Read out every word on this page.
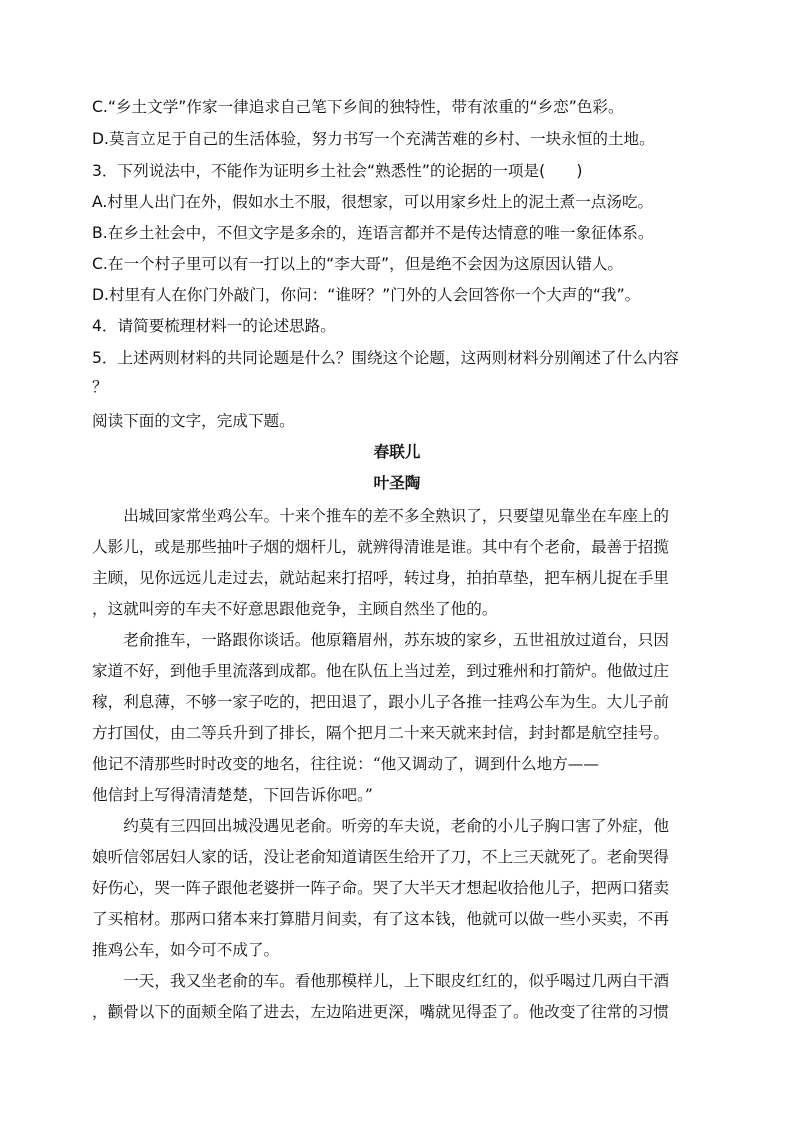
C.“乡土文学”作家一律追求自己笔下乡间的独特性，带有浓重的“乡恋”色彩。
D.莫言立足于自己的生活体验，努力书写一个充满苦难的乡村、一块永恒的土地。
3．下列说法中，不能作为证明乡土社会“熟悉性”的论据的一项是(　　)
A.村里人出门在外，假如水土不服，很想家，可以用家乡灶上的泥土煮一点汤吃。
B.在乡土社会中，不但文字是多余的，连语言都并不是传达情意的唯一象征体系。
C.在一个村子里可以有一打以上的“李大哥”，但是绝不会因为这原因认错人。
D.村里有人在你门外敲门，你问：“谁呀？”门外的人会回答你一个大声的“我”。
4．请简要梳理材料一的论述思路。
5．上述两则材料的共同论题是什么？围绕这个论题，这两则材料分别阐述了什么内容
？
阅读下面的文字，完成下题。
春联儿
叶圣陶
　　出城回家常坐鸡公车。十来个推车的差不多全熟识了，只要望见靠坐在车座上的
人影儿，或是那些抽叶子烟的烟杆儿，就辨得清谁是谁。其中有个老俞，最善于招揽
主顾，见你远远儿走过去，就站起来打招呼，转过身，拍拍草垫，把车柄儿捉在手里
，这就叫旁的车夫不好意思跟他竞争，主顾自然坐了他的。
　　老俞推车，一路跟你谈话。他原籍眉州，苏东坡的家乡，五世祖放过道台，只因
家道不好，到他手里流落到成都。他在队伍上当过差，到过雅州和打箭炉。他做过庄
稼，利息薄，不够一家子吃的，把田退了，跟小儿子各推一挂鸡公车为生。大儿子前
方打国仗，由二等兵升到了排长，隔个把月二十来天就来封信，封封都是航空挂号。
他记不清那些时时改变的地名，往往说：“他又调动了，调到什么地方——
他信封上写得清清楚楚，下回告诉你吧。”
　　约莫有三四回出城没遇见老俞。听旁的车夫说，老俞的小儿子胸口害了外症，他
娘听信邻居妇人家的话，没让老俞知道请医生给开了刀，不上三天就死了。老俞哭得
好伤心，哭一阵子跟他老婆拼一阵子命。哭了大半天才想起收拾他儿子，把两口猪卖
了买棺材。那两口猪本来打算腊月间卖，有了这本钱，他就可以做一些小买卖，不再
推鸡公车，如今可不成了。
　　一天，我又坐老俞的车。看他那模样儿，上下眼皮红红的，似乎喝过几两白干酒
，颧骨以下的面颊全陷了进去，左边陷进更深，嘴就见得歪了。他改变了往常的习惯
